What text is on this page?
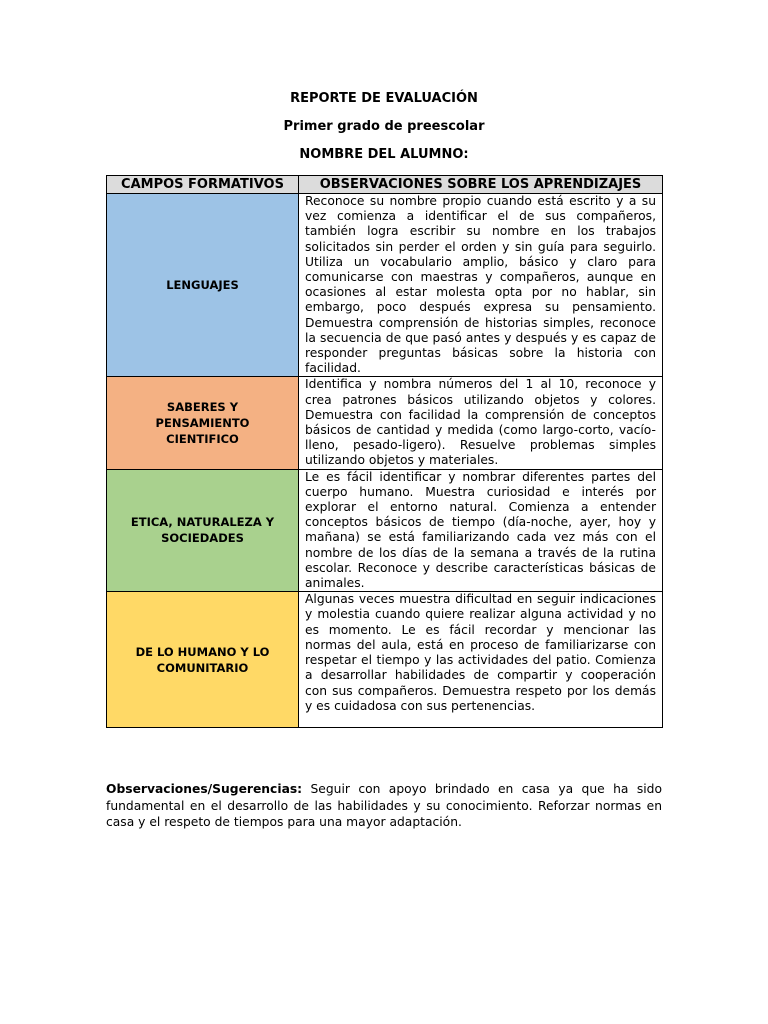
REPORTE DE EVALUACIÓN
Primer grado de preescolar
NOMBRE DEL ALUMNO:
CAMPOS FORMATIVOS	OBSERVACIONES SOBRE LOS APRENDIZAJES
LENGUAJES	Reconoce su nombre propio cuando está escrito y a su vez comienza a identificar el de sus compañeros, también logra escribir su nombre en los trabajos solicitados sin perder el orden y sin guía para seguirlo. Utiliza un vocabulario amplio, básico y claro para comunicarse con maestras y compañeros, aunque en ocasiones al estar molesta opta por no hablar, sin embargo, poco después expresa su pensamiento. Demuestra comprensión de historias simples, reconoce la secuencia de que pasó antes y después y es capaz de responder preguntas básicas sobre la historia con facilidad.
SABERES Y PENSAMIENTO CIENTIFICO	Identifica y nombra números del 1 al 10, reconoce y crea patrones básicos utilizando objetos y colores. Demuestra con facilidad la comprensión de conceptos básicos de cantidad y medida (como largo-corto, vacío-lleno, pesado-ligero). Resuelve problemas simples utilizando objetos y materiales.
ETICA, NATURALEZA Y SOCIEDADES	Le es fácil identificar y nombrar diferentes partes del cuerpo humano. Muestra curiosidad e interés por explorar el entorno natural. Comienza a entender conceptos básicos de tiempo (día-noche, ayer, hoy y mañana) se está familiarizando cada vez más con el nombre de los días de la semana a través de la rutina escolar. Reconoce y describe características básicas de animales.
DE LO HUMANO Y LO COMUNITARIO	Algunas veces muestra dificultad en seguir indicaciones y molestia cuando quiere realizar alguna actividad y no es momento. Le es fácil recordar y mencionar las normas del aula, está en proceso de familiarizarse con respetar el tiempo y las actividades del patio. Comienza a desarrollar habilidades de compartir y cooperación con sus compañeros. Demuestra respeto por los demás y es cuidadosa con sus pertenencias.
Observaciones/Sugerencias: Seguir con apoyo brindado en casa ya que ha sido fundamental en el desarrollo de las habilidades y su conocimiento. Reforzar normas en casa y el respeto de tiempos para una mayor adaptación.
